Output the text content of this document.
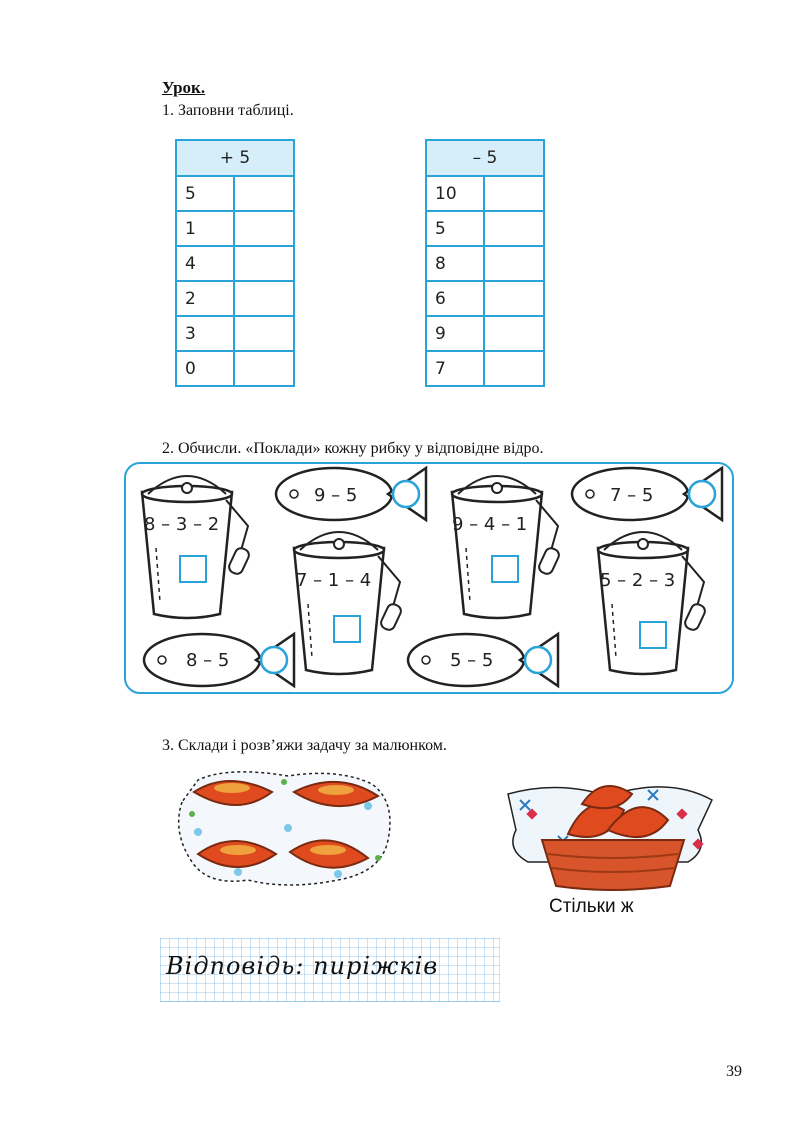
Урок.
1. Заповни таблиці.
+ 5	
5	
1	
4	
2	
3	
0	
– 5	
10	
5	
8	
6	
9	
7	
2. Обчисли. «Поклади» кожну рибку у відповідне відро.
8 – 3 – 2
7 – 1 – 4
9 – 4 – 1
5 – 2 – 3
9 – 5	7 – 5
8 – 5	5 – 5
3. Склади і розв’яжи задачу за малюнком.
Стільки ж
Відповідь: пиріжків
39
